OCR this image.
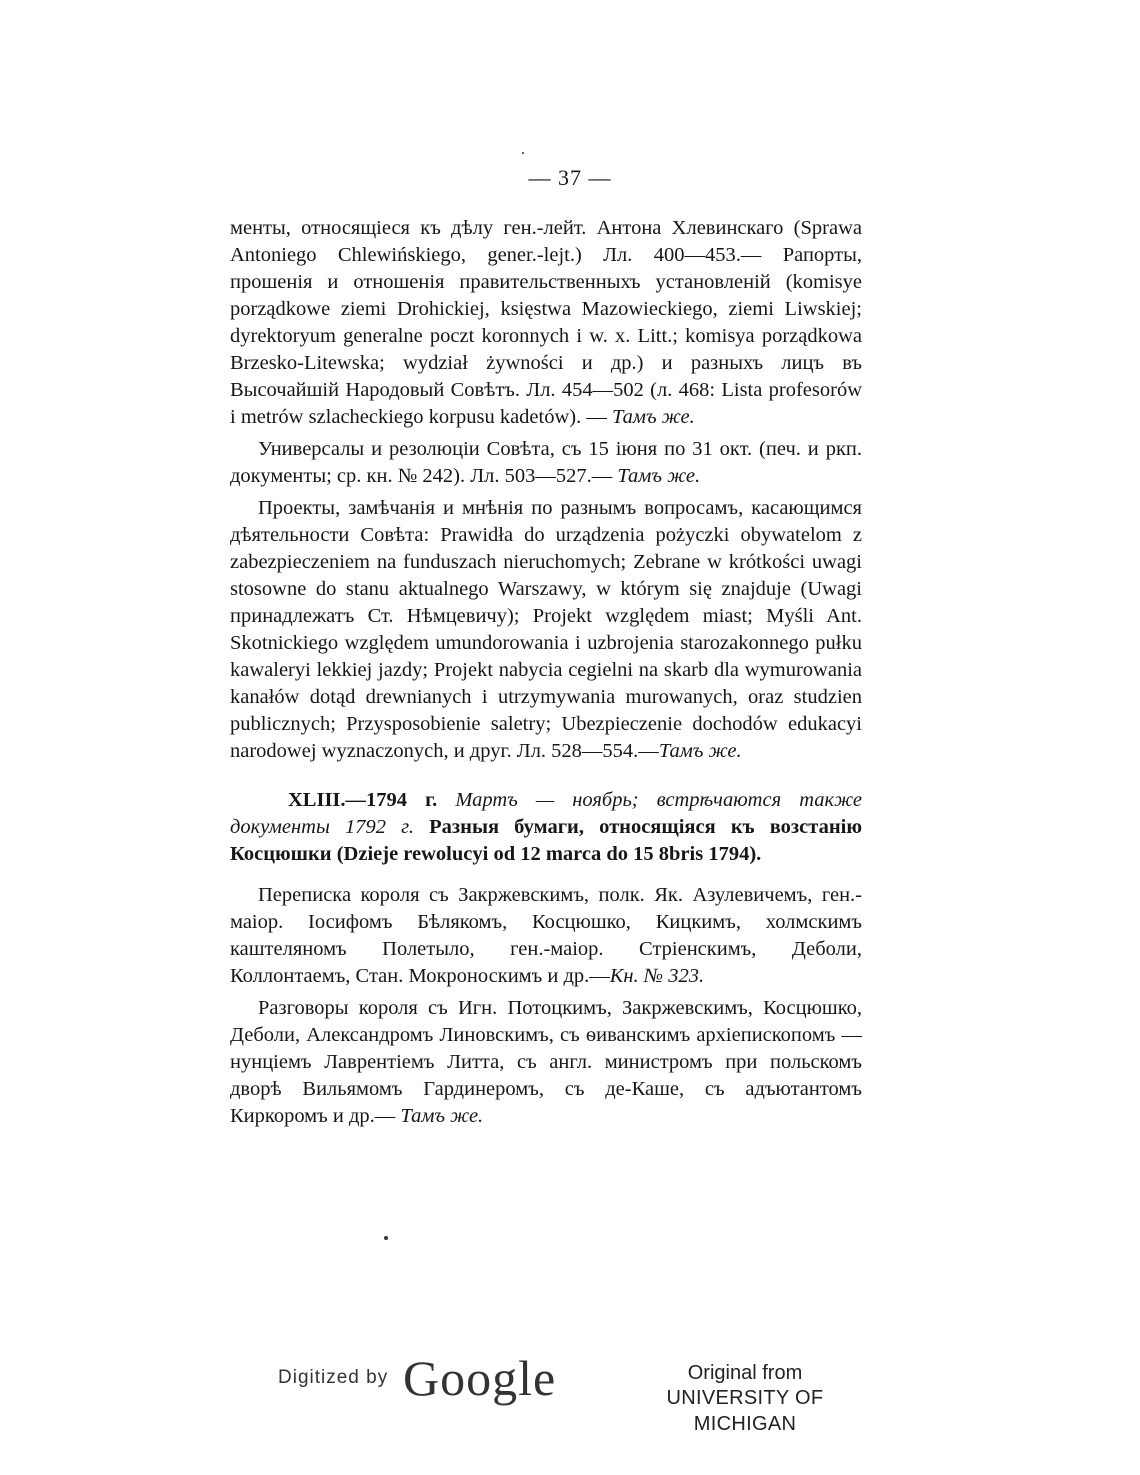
— 37 —

менты, относящіеся къ дѣлу ген.-лейт. Антона Хлевинскаго (Sprawa Antoniego Chlewińskiego, gener.-lejt.) Лл. 400—453.— Рапорты, прошенія и отношенія правительственныхъ установленій (komisye porządkowe ziemi Drohickiej, księstwa Mazowieckiego, ziemi Liwskiej; dyrektoryum generalne poczt koronnych i w. x. Litt.; komisya porządkowa Brzesko-Litewska; wydział żywności и др.) и разныхъ лицъ въ Высочайшій Народовый Совѣтъ. Лл. 454—502 (л. 468: Lista profesorów i metrów szlacheckiego korpusu kadetów). — Тамъ же.

Универсалы и резолюціи Совѣта, съ 15 іюня по 31 окт. (печ. и ркп. документы; ср. кн. № 242). Лл. 503—527.— Тамъ же.

Проекты, замѣчанія и мнѣнія по разнымъ вопросамъ, касающимся дѣятельности Совѣта: Prawidła do urządzenia pożyczki obywatelom z zabezpieczeniem na funduszach nieruchomych; Zebrane w krótkości uwagi stosowne do stanu aktualnego Warszawy, w którym się znajduje (Uwagi принадлежатъ Ст. Нѣмцевичу); Projekt względem miast; Myśli Ant. Skotnickiego względem umundorowania i uzbrojenia starozakonnego pułku kawaleryi lekkiej jazdy; Projekt nabycia cegielni na skarb dla wymurowania kanałów dotąd drewnianych i utrzymywania murowanych, oraz studzien publicznych; Przysposobienie saletry; Ubezpieczenie dochodów edukacyi narodowej wyznaczonych, и друг. Лл. 528—554.—Тамъ же.

XLIII.—1794 г. Мартъ — ноябрь; встрѣчаются также документы 1792 г. Разныя бумаги, относящіяся къ возстанію Косцюшки (Dzieje rewolucyi od 12 marca do 15 8bris 1794).

Переписка короля съ Закржевскимъ, полк. Як. Азулевичемъ, ген.-маіор. Іосифомъ Бѣлякомъ, Косцюшко, Кицкимъ, холмскимъ каштеляномъ Полетыло, ген.-маіор. Стріенскимъ, Деболи, Коллонтаемъ, Стан. Мокроноскимъ и др.—Кн. № 323.

Разговоры короля съ Игн. Потоцкимъ, Закржевскимъ, Косцюшко, Деболи, Александромъ Линовскимъ, съ ѳиванскимъ архіепископомъ — нунціемъ Лаврентіемъ Литта, съ англ. министромъ при польскомъ дворѣ Вильямомъ Гардинеромъ, съ де-Каше, съ адъютантомъ Киркоромъ и др.— Тамъ же.

Digitized by Google	Original from
UNIVERSITY OF MICHIGAN
